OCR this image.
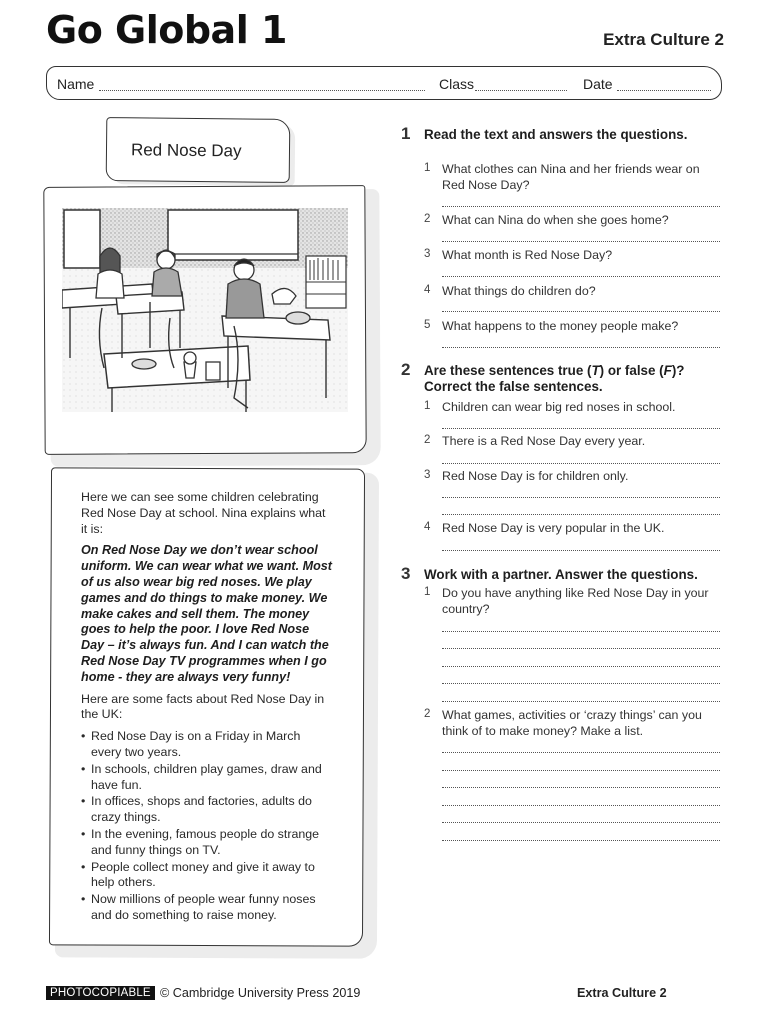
Go Global 1	Extra Culture 2
Name	Class	Date
Red Nose Day

Here we can see some children celebrating Red Nose Day at school. Nina explains what it is:

On Red Nose Day we don’t wear school uniform. We can wear what we want. Most of us also wear big red noses. We play games and do things to make money. We make cakes and sell them. The money goes to help the poor. I love Red Nose Day – it’s always fun. And I can watch the Red Nose Day TV programmes when I go home - they are always very funny!

Here are some facts about Red Nose Day in the UK:

• Red Nose Day is on a Friday in March every two years.
• In schools, children play games, draw and have fun.
• In offices, shops and factories, adults do crazy things.
• In the evening, famous people do strange and funny things on TV.
• People collect money and give it away to help others.
• Now millions of people wear funny noses and do something to raise money.
1 Read the text and answers the questions.
1 What clothes can Nina and her friends wear on Red Nose Day?
2 What can Nina do when she goes home?
3 What month is Red Nose Day?
4 What things do children do?
5 What happens to the money people make?
2 Are these sentences true (T) or false (F)?
Correct the false sentences.
1 Children can wear big red noses in school.
2 There is a Red Nose Day every year.
3 Red Nose Day is for children only.
4 Red Nose Day is very popular in the UK.
3 Work with a partner. Answer the questions.
1 Do you have anything like Red Nose Day in your country?
2 What games, activities or ‘crazy things’ can you think of to make money? Make a list.
PHOTOCOPIABLE © Cambridge University Press 2019	Extra Culture 2
